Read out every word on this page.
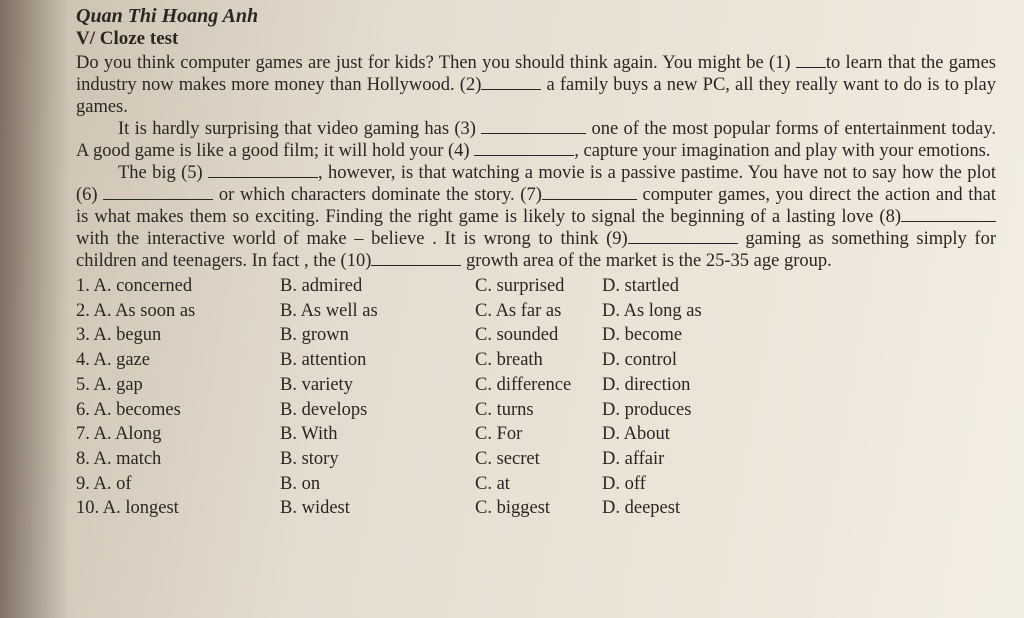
Quan Thi Hoang Anh

V/ Cloze test

Do you think computer games are just for kids? Then you should think again. You might be (1) to learn that the games industry now makes more money than Hollywood. (2)	a family buys a new PC, all they really want to do is to play games.

It is hardly surprising that video gaming has (3)	one of the most popular forms of entertainment today. A good game is like a good film; it will hold your (4)	, capture your imagination and play with your emotions.

The big (5)	, however, is that watching a movie is a passive pastime. You have not to say how the plot (6)	or which characters dominate the story. (7)	computer games, you direct the action and that is what makes them so exciting. Finding the right game is likely to signal the beginning of a lasting love (8) with the interactive world of make – believe . It is wrong to think (9)	gaming as something simply for children and teenagers. In fact , the (10)	growth area of the market is the 25-35 age group.

1. A. concerned	B. admired	C. surprised	D. startled
2. A. As soon as	B. As well as	C. As far as	D. As long as
3. A. begun	B. grown	C. sounded	D. become
4. A. gaze	B. attention	C. breath	D. control
5. A. gap	B. variety	C. difference	D. direction
6. A. becomes	B. develops	C. turns	D. produces
7. A. Along	B. With	C. For	D. About
8. A. match	B. story	C. secret	D. affair
9. A. of	B. on	C. at	D. off
10. A. longest	B. widest	C. biggest	D. deepest
